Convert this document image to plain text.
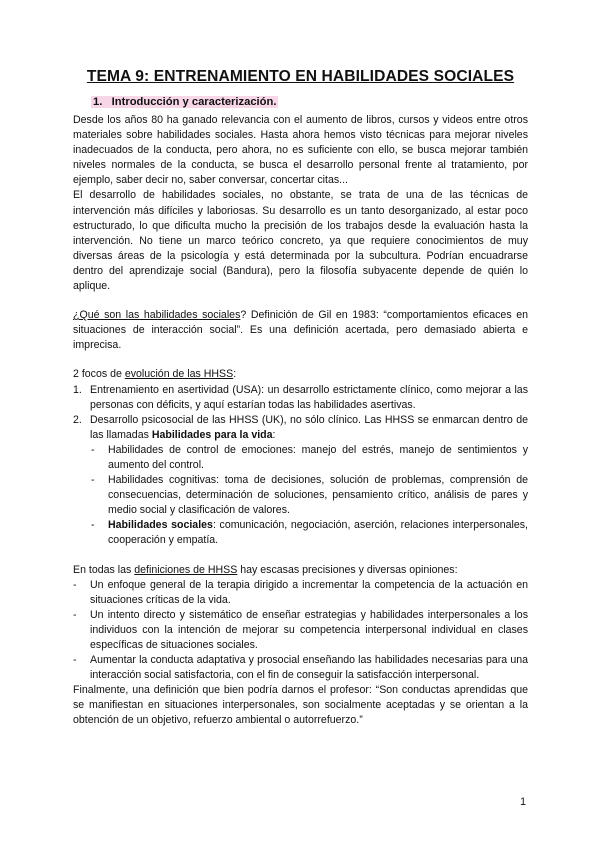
TEMA 9: ENTRENAMIENTO EN HABILIDADES SOCIALES
1. Introducción y caracterización.

Desde los años 80 ha ganado relevancia con el aumento de libros, cursos y videos entre otros materiales sobre habilidades sociales. Hasta ahora hemos visto técnicas para mejorar niveles inadecuados de la conducta, pero ahora, no es suficiente con ello, se busca mejorar también niveles normales de la conducta, se busca el desarrollo personal frente al tratamiento, por ejemplo, saber decir no, saber conversar, concertar citas...

El desarrollo de habilidades sociales, no obstante, se trata de una de las técnicas de intervención más difíciles y laboriosas. Su desarrollo es un tanto desorganizado, al estar poco estructurado, lo que dificulta mucho la precisión de los trabajos desde la evaluación hasta la intervención. No tiene un marco teórico concreto, ya que requiere conocimientos de muy diversas áreas de la psicología y está determinada por la subcultura. Podrían encuadrarse dentro del aprendizaje social (Bandura), pero la filosofía subyacente depende de quién lo aplique.

¿Qué son las habilidades sociales? Definición de Gil en 1983: “comportamientos eficaces en situaciones de interacción social”. Es una definición acertada, pero demasiado abierta e imprecisa.

2 focos de evolución de las HHSS:

1. Entrenamiento en asertividad (USA): un desarrollo estrictamente clínico, como mejorar a las personas con déficits, y aquí estarían todas las habilidades asertivas.
2. Desarrollo psicosocial de las HHSS (UK), no sólo clínico. Las HHSS se enmarcan dentro de las llamadas Habilidades para la vida:
- Habilidades de control de emociones: manejo del estrés, manejo de sentimientos y aumento del control.
- Habilidades cognitivas: toma de decisiones, solución de problemas, comprensión de consecuencias, determinación de soluciones, pensamiento crítico, análisis de pares y medio social y clasificación de valores.
- Habilidades sociales: comunicación, negociación, aserción, relaciones interpersonales, cooperación y empatía.

En todas las definiciones de HHSS hay escasas precisiones y diversas opiniones:

- Un enfoque general de la terapia dirigido a incrementar la competencia de la actuación en situaciones críticas de la vida.
- Un intento directo y sistemático de enseñar estrategias y habilidades interpersonales a los individuos con la intención de mejorar su competencia interpersonal individual en clases específicas de situaciones sociales.
- Aumentar la conducta adaptativa y prosocial enseñando las habilidades necesarias para una interacción social satisfactoria, con el fin de conseguir la satisfacción interpersonal.

Finalmente, una definición que bien podría darnos el profesor: “Son conductas aprendidas que se manifiestan en situaciones interpersonales, son socialmente aceptadas y se orientan a la obtención de un objetivo, refuerzo ambiental o autorrefuerzo.”

1
